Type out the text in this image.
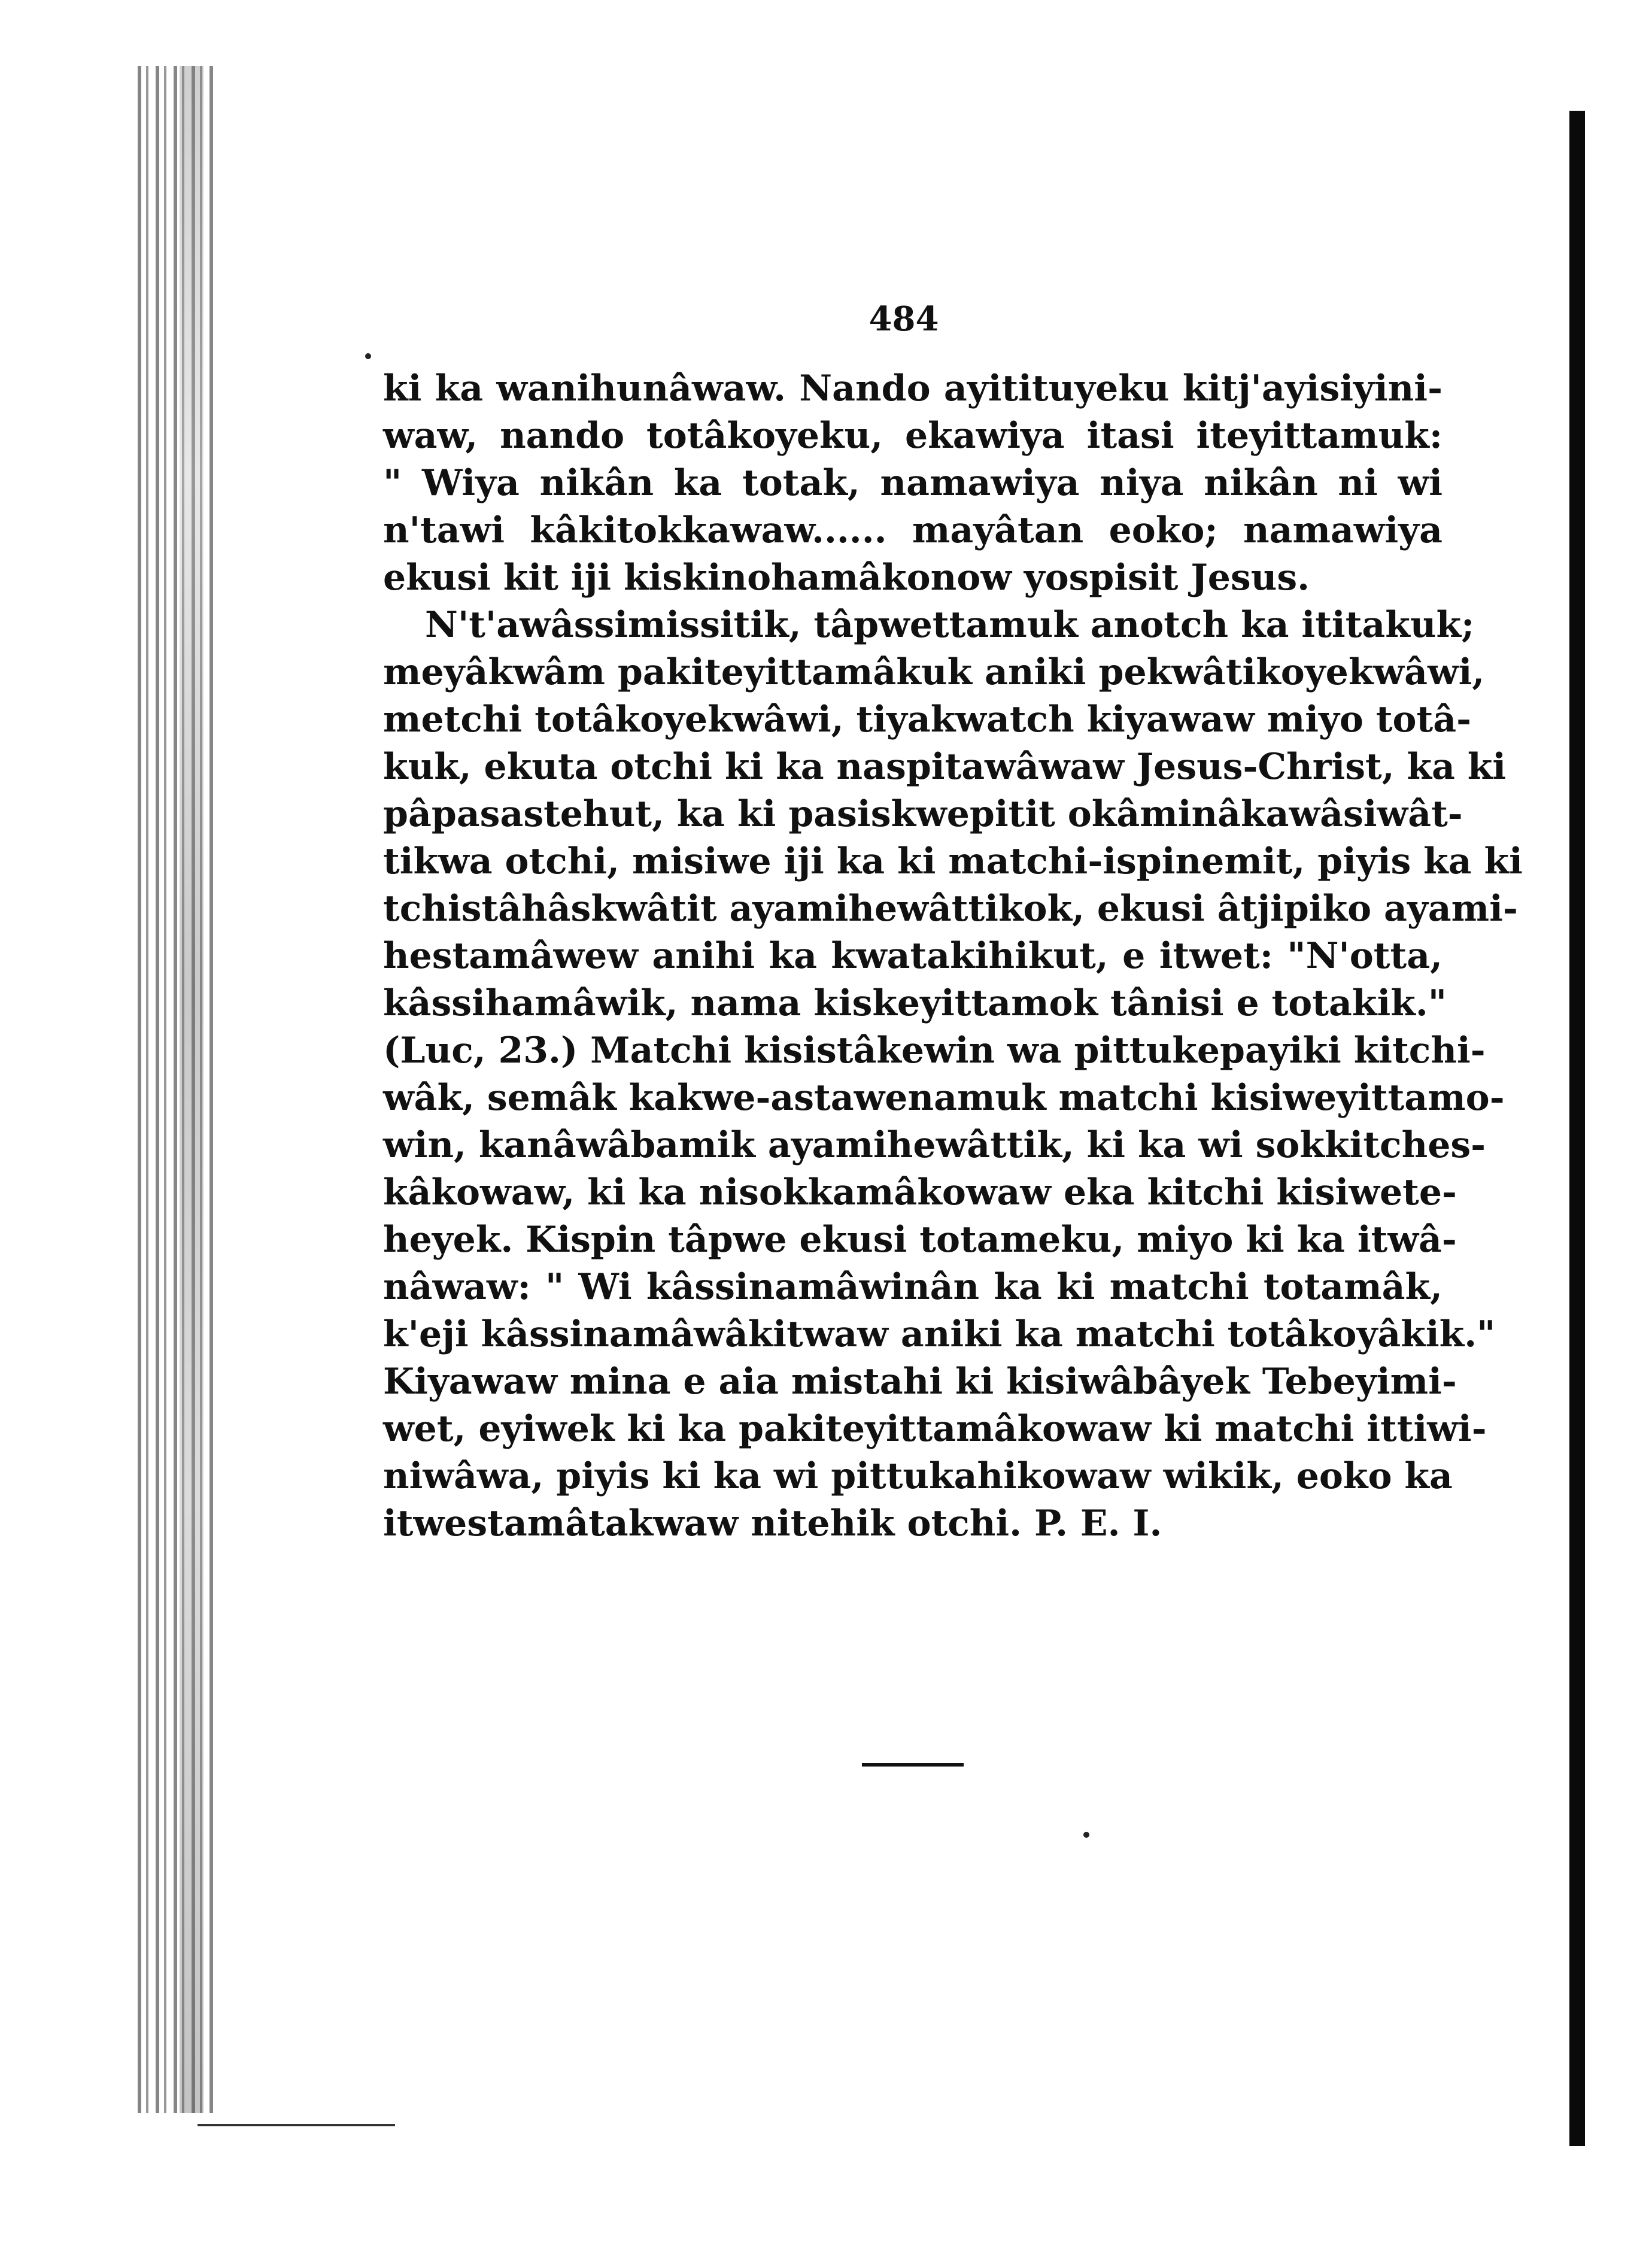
484
ki ka wanihunâwaw. Nando ayitituyeku kitj'ayisiyini-
waw, nando totâkoyeku, ekawiya itasi iteyittamuk:
" Wiya nikân ka totak, namawiya niya nikân ni wi
n'tawi kâkitokkawaw...... mayâtan eoko; namawiya
ekusi kit iji kiskinohamâkonow yospisit Jesus.
N't'awâssimissitik, tâpwettamuk anotch ka ititakuk;
meyâkwâm pakiteyittamâkuk aniki pekwâtikoyekwâwi,
metchi totâkoyekwâwi, tiyakwatch kiyawaw miyo totâ-
kuk, ekuta otchi ki ka naspitawâwaw Jesus-Christ, ka ki
pâpasastehut, ka ki pasiskwepitit okâminâkawâsiwât-
tikwa otchi, misiwe iji ka ki matchi-ispinemit, piyis ka ki
tchistâhâskwâtit ayamihewâttikok, ekusi âtjipiko ayami-
hestamâwew anihi ka kwatakihikut, e itwet: "N'otta,
kâssihamâwik, nama kiskeyittamok tânisi e totakik."
(Luc, 23.) Matchi kisistâkewin wa pittukepayiki kitchi-
wâk, semâk kakwe-astawenamuk matchi kisiweyittamo-
win, kanâwâbamik ayamihewâttik, ki ka wi sokkitches-
kâkowaw, ki ka nisokkamâkowaw eka kitchi kisiwete-
heyek. Kispin tâpwe ekusi totameku, miyo ki ka itwâ-
nâwaw: " Wi kâssinamâwinân ka ki matchi totamâk,
k'eji kâssinamâwâkitwaw aniki ka matchi totâkoyâkik."
Kiyawaw mina e aia mistahi ki kisiwâbâyek Tebeyimi-
wet, eyiwek ki ka pakiteyittamâkowaw ki matchi ittiwi-
niwâwa, piyis ki ka wi pittukahikowaw wikik, eoko ka
itwestamâtakwaw nitehik otchi. P. E. I.
